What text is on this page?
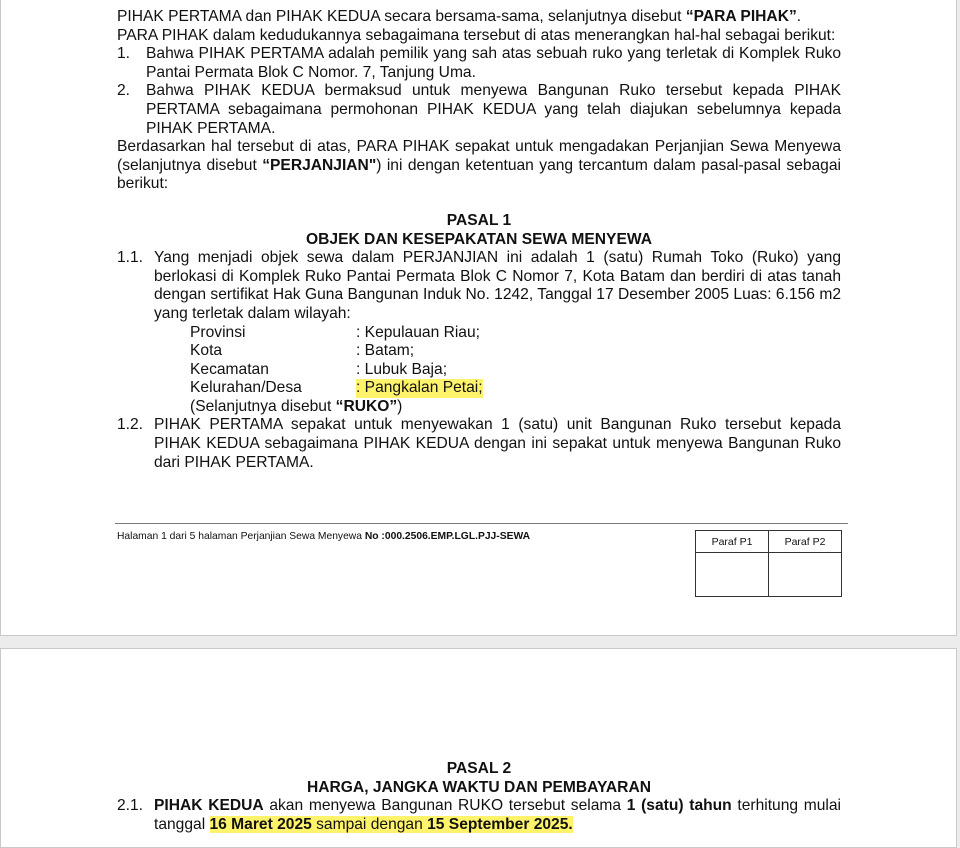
PIHAK PERTAMA dan PIHAK KEDUA secara bersama-sama, selanjutnya disebut “PARA PIHAK”.

PARA PIHAK dalam kedudukannya sebagaimana tersebut di atas menerangkan hal-hal sebagai berikut:

1.	Bahwa PIHAK PERTAMA adalah pemilik yang sah atas sebuah ruko yang terletak di Komplek Ruko Pantai Permata Blok C Nomor. 7, Tanjung Uma.
2.	Bahwa PIHAK KEDUA bermaksud untuk menyewa Bangunan Ruko tersebut kepada PIHAK PERTAMA sebagaimana permohonan PIHAK KEDUA yang telah diajukan sebelumnya kepada PIHAK PERTAMA.

Berdasarkan hal tersebut di atas, PARA PIHAK sepakat untuk mengadakan Perjanjian Sewa Menyewa (selanjutnya disebut “PERJANJIAN") ini dengan ketentuan yang tercantum dalam pasal-pasal sebagai berikut:

PASAL 1

OBJEK DAN KESEPAKATAN SEWA MENYEWA

1.1. Yang menjadi objek sewa dalam PERJANJIAN ini adalah 1 (satu) Rumah Toko (Ruko) yang berlokasi di Komplek Ruko Pantai Permata Blok C Nomor 7, Kota Batam dan berdiri di atas tanah dengan sertifikat Hak Guna Bangunan Induk No. 1242, Tanggal 17 Desember 2005 Luas: 6.156 m2 yang terletak dalam wilayah:

Provinsi	: Kepulauan Riau;
Kota	: Batam;
Kecamatan	: Lubuk Baja;
Kelurahan/Desa	: Pangkalan Petai;

(Selanjutnya disebut “RUKO”)

1.2. PIHAK PERTAMA sepakat untuk menyewakan 1 (satu) unit Bangunan Ruko tersebut kepada PIHAK KEDUA sebagaimana PIHAK KEDUA dengan ini sepakat untuk menyewa Bangunan Ruko dari PIHAK PERTAMA.

Halaman 1 dari 5 halaman Perjanjian Sewa Menyewa No :000.2506.EMP.LGL.PJJ-SEWA	Paraf P1	Paraf P2

PASAL 2

HARGA, JANGKA WAKTU DAN PEMBAYARAN

2.1. PIHAK KEDUA akan menyewa Bangunan RUKO tersebut selama 1 (satu) tahun terhitung mulai tanggal 16 Maret 2025 sampai dengan 15 September 2025.
